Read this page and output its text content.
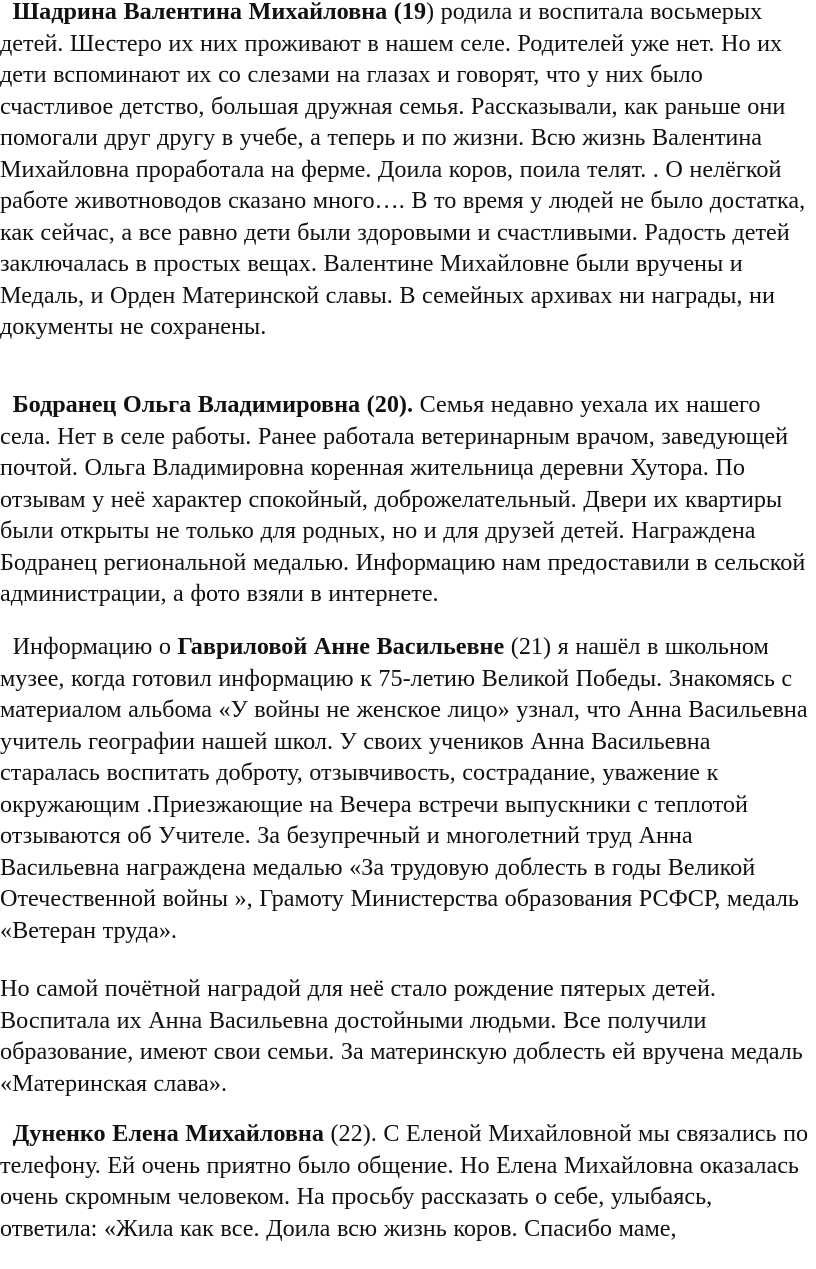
Шадрина Валентина Михайловна (19) родила и воспитала восьмерых детей. Шестеро их них проживают в нашем селе. Родителей уже нет. Но их дети вспоминают их со слезами на глазах и говорят, что у них было счастливое детство, большая дружная семья. Рассказывали, как раньше они помогали друг другу в учебе, а теперь и по жизни. Всю жизнь Валентина Михайловна проработала на ферме. Доила коров, поила телят. . О нелёгкой работе животноводов сказано много…. В то время у людей не было достатка, как сейчас, а все равно дети были здоровыми и счастливыми. Радость детей заключалась в простых вещах. Валентине Михайловне были вручены и Медаль, и Орден Материнской славы. В семейных архивах ни награды, ни документы не сохранены.

Бодранец Ольга Владимировна (20). Семья недавно уехала их нашего села. Нет в селе работы. Ранее работала ветеринарным врачом, заведующей почтой. Ольга Владимировна коренная жительница деревни Хутора. По отзывам у неё характер спокойный, доброжелательный. Двери их квартиры были открыты не только для родных, но и для друзей детей. Награждена Бодранец региональной медалью. Информацию нам предоставили в сельской администрации, а фото взяли в интернете.

Информацию о Гавриловой Анне Васильевне (21) я нашёл в школьном музее, когда готовил информацию к 75-летию Великой Победы. Знакомясь с материалом альбома «У войны не женское лицо» узнал, что Анна Васильевна учитель географии нашей школ. У своих учеников Анна Васильевна старалась воспитать доброту, отзывчивость, сострадание, уважение к окружающим .Приезжающие на Вечера встречи выпускники с теплотой отзываются об Учителе. За безупречный и многолетний труд Анна Васильевна награждена медалью «За трудовую доблесть в годы Великой Отечественной войны », Грамоту Министерства образования РСФСР, медаль «Ветеран труда».

Но самой почётной наградой для неё стало рождение пятерых детей. Воспитала их Анна Васильевна достойными людьми. Все получили образование, имеют свои семьи. За материнскую доблесть ей вручена медаль «Материнская слава».

Дуненко Елена Михайловна (22). С Еленой Михайловной мы связались по телефону. Ей очень приятно было общение. Но Елена Михайловна оказалась очень скромным человеком. На просьбу рассказать о себе, улыбаясь, ответила: «Жила как все. Доила всю жизнь коров. Спасибо маме,
